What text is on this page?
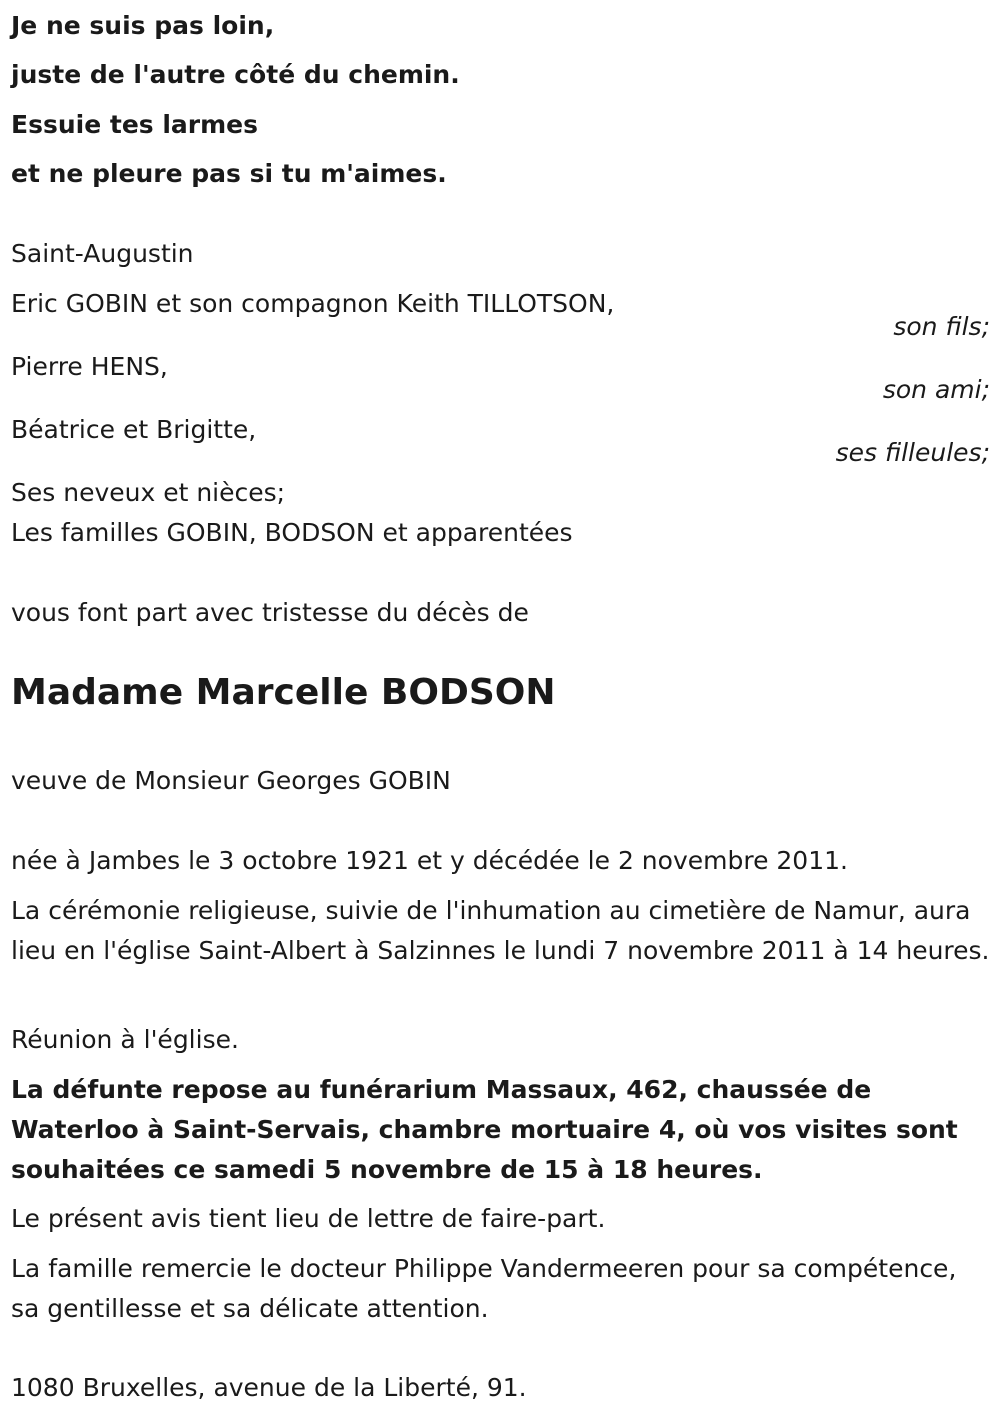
Je ne suis pas loin,
juste de l'autre côté du chemin.
Essuie tes larmes
et ne pleure pas si tu m'aimes.
Saint-Augustin
Eric GOBIN et son compagnon Keith TILLOTSON,
son fils;
Pierre HENS,
son ami;
Béatrice et Brigitte,
ses filleules;
Ses neveux et nièces;
Les familles GOBIN, BODSON et apparentées
vous font part avec tristesse du décès de
Madame Marcelle BODSON
veuve de Monsieur Georges GOBIN
née à Jambes le 3 octobre 1921 et y décédée le 2 novembre 2011.
La cérémonie religieuse, suivie de l'inhumation au cimetière de Namur, aura lieu en l'église Saint-Albert à Salzinnes le lundi 7 novembre 2011 à 14 heures.
Réunion à l'église.
La défunte repose au funérarium Massaux, 462, chaussée de Waterloo à Saint-Servais, chambre mortuaire 4, où vos visites sont souhaitées ce samedi 5 novembre de 15 à 18 heures.
Le présent avis tient lieu de lettre de faire-part.
La famille remercie le docteur Philippe Vandermeeren pour sa compétence, sa gentillesse et sa délicate attention.
1080 Bruxelles, avenue de la Liberté, 91.
